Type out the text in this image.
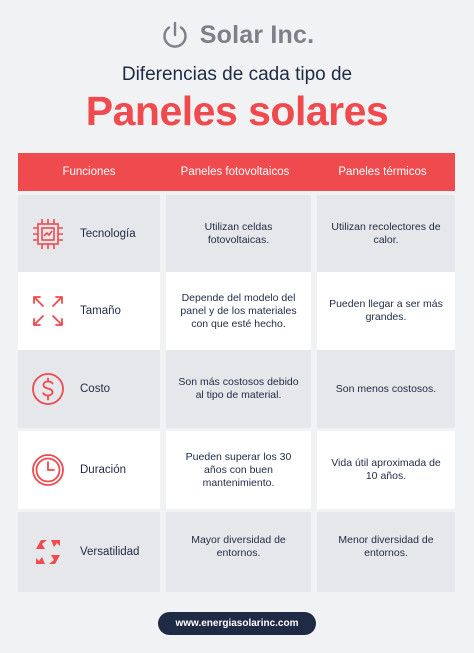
Solar Inc.
Diferencias de cada tipo de
Paneles solares
Funciones	Paneles fotovoltaicos	Paneles térmicos
Tecnología
Utilizan celdas fotovoltaicas.
Utilizan recolectores de calor.
Tamaño
Depende del modelo del panel y de los materiales con que esté hecho.
Pueden llegar a ser más grandes.
Costo
Son más costosos debido al tipo de material.
Son menos costosos.
Duración
Pueden superar los 30 años con buen mantenimiento.
Vida útil aproximada de 10 años.
Versatilidad
Mayor diversidad de entornos.
Menor diversidad de entornos.
www.energiasolarinc.com
